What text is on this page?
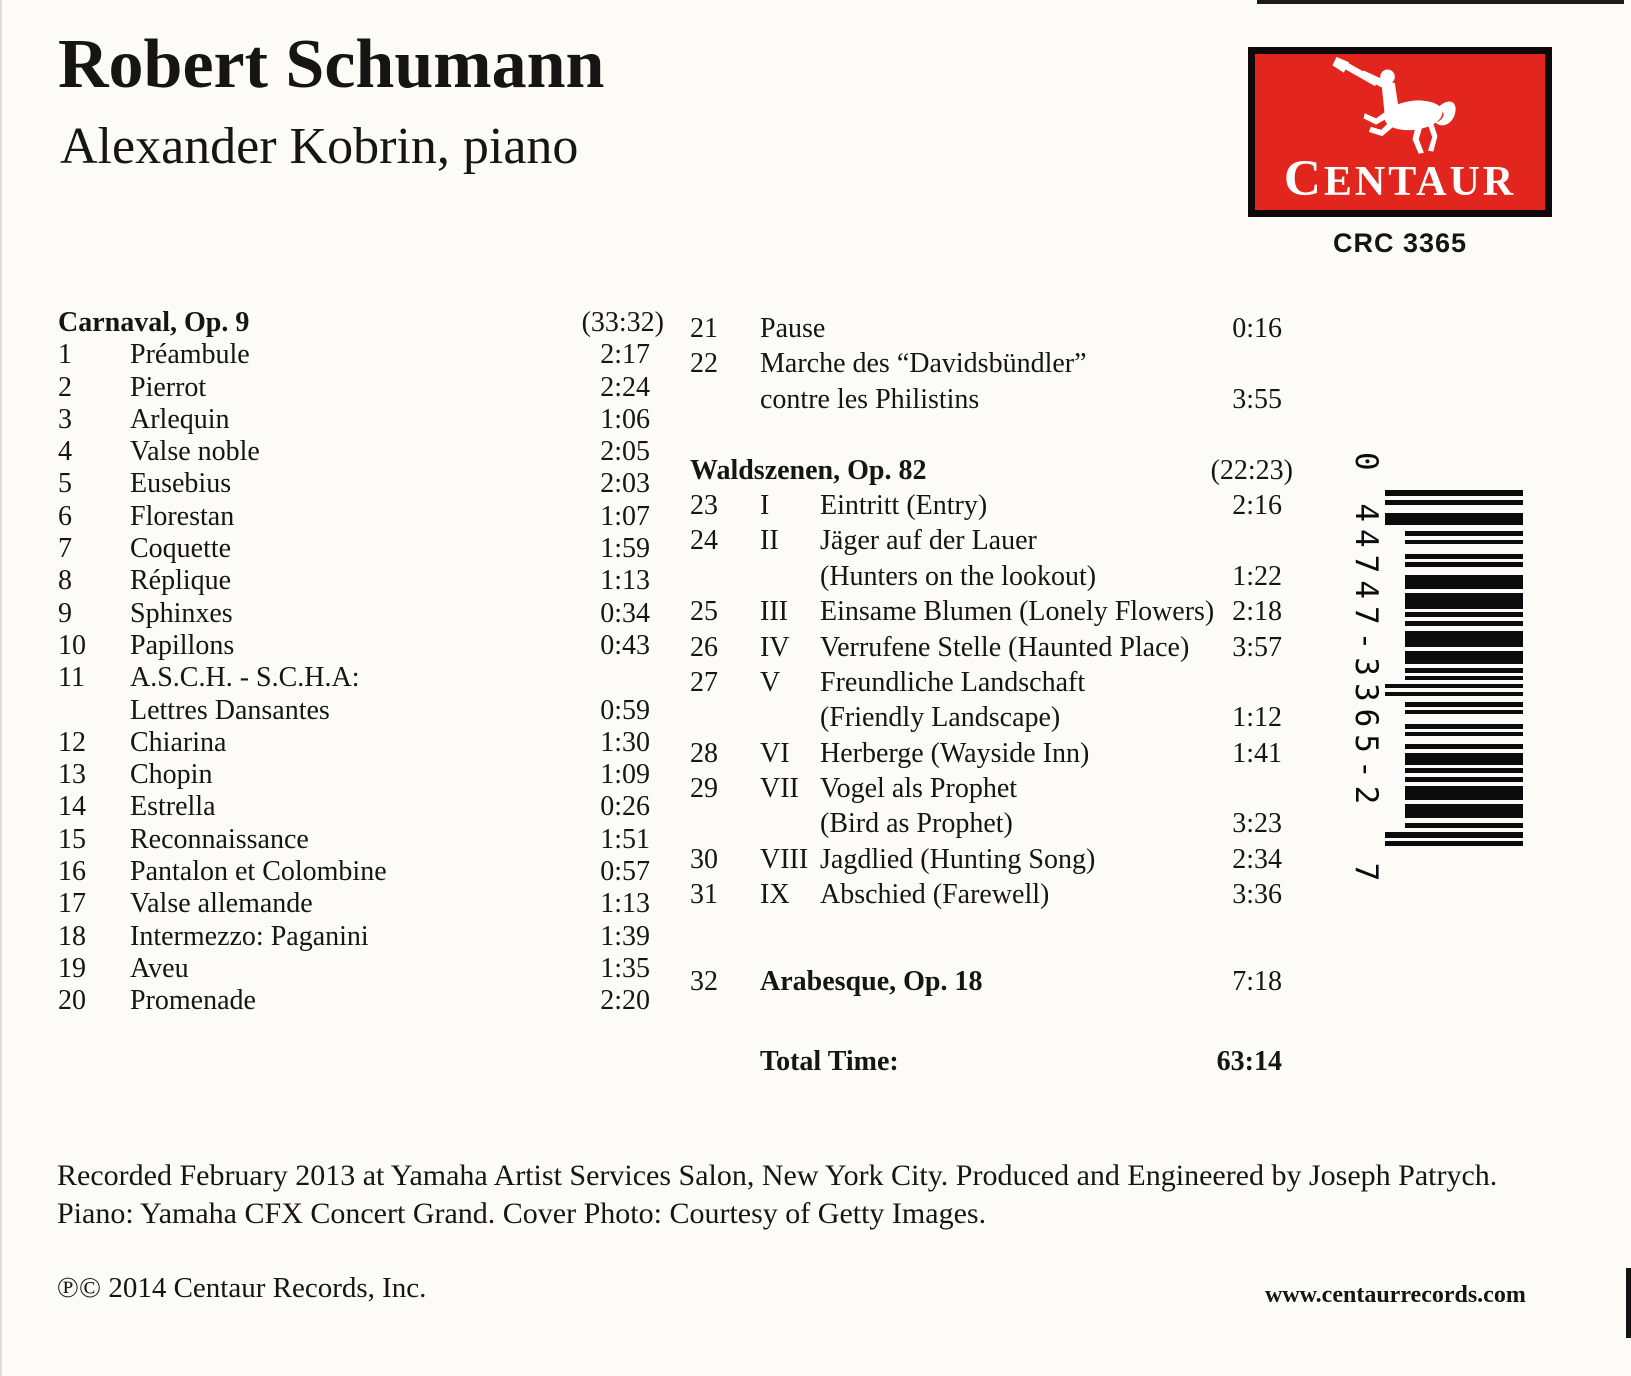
Robert Schumann
Alexander Kobrin, piano
CENTAUR
CRC 3365
Carnaval, Op. 9	(33:32)
1 Préambule	2:17
2 Pierrot	2:24
3 Arlequin	1:06
4 Valse noble	2:05
5 Eusebius	2:03
6 Florestan	1:07
7 Coquette	1:59
8 Réplique	1:13
9 Sphinxes	0:34
10 Papillons	0:43
11 A.S.C.H. - S.C.H.A:
Lettres Dansantes	0:59
12 Chiarina	1:30
13 Chopin	1:09
14 Estrella	0:26
15 Reconnaissance	1:51
16 Pantalon et Colombine	0:57
17 Valse allemande	1:13
18 Intermezzo: Paganini	1:39
19 Aveu	1:35
20 Promenade	2:20
21 Pause	0:16
22 Marche des “Davidsbündler”
contre les Philistins	3:55
Waldszenen, Op. 82	(22:23)
23 I Eintritt (Entry)	2:16
24 II Jäger auf der Lauer
(Hunters on the lookout)	1:22
25 III Einsame Blumen (Lonely Flowers) 2:18
26 IV Verrufene Stelle (Haunted Place) 3:57
27 V Freundliche Landschaft
(Friendly Landscape)	1:12
28 VI Herberge (Wayside Inn)	1:41
29 VII Vogel als Prophet
(Bird as Prophet)	3:23
30 VIII Jagdlied (Hunting Song)	2:34
31 IX Abschied (Farewell)	3:36
32 Arabesque, Op. 18	7:18
Total Time:	63:14
0 44747-3365-2  7
Recorded February 2013 at Yamaha Artist Services Salon, New York City. Produced and Engineered by Joseph Patrych.
Piano: Yamaha CFX Concert Grand. Cover Photo: Courtesy of Getty Images.
℗© 2014 Centaur Records, Inc.	www.centaurrecords.com
